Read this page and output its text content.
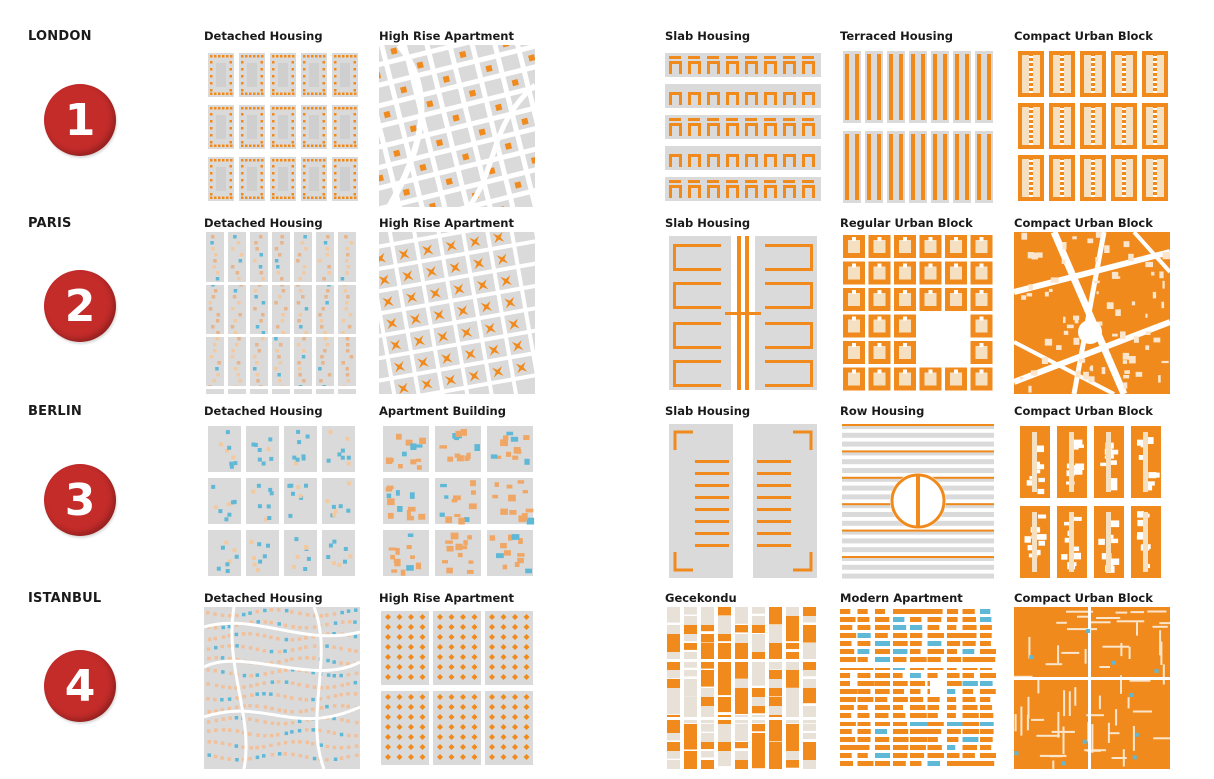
LONDON
1
Detached Housing	High Rise Apartment	Slab Housing	Terraced Housing	Compact Urban Block
PARIS
2
Detached Housing	High Rise Apartment	Slab Housing	Regular Urban Block	Compact Urban Block
BERLIN
3
Detached Housing	Apartment Building	Slab Housing	Row Housing	Compact Urban Block
ISTANBUL
4
Detached Housing	High Rise Apartment	Gecekondu	Modern Apartment	Compact Urban Block
